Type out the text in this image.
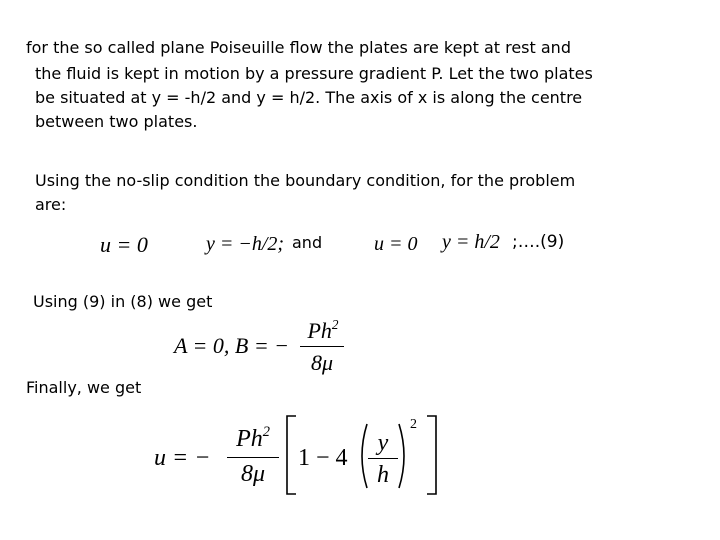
for the so called plane Poiseuille flow the plates are kept at rest and

the fluid is kept in motion by a pressure gradient P. Let the two plates

be situated at y = -h/2 and y = h/2. The axis of x is along the centre

between two plates.

Using the no-slip condition the boundary condition, for the problem

are:

u = 0	y = −h/2; and	u = 0 y = h/2 ;….(9)

Using (9) in (8) we get

A = 0, B = −
$Ph^2$
8μ

Finally, we get

u = −
$Ph^2$
8μ
1 − 4
y
h
2
